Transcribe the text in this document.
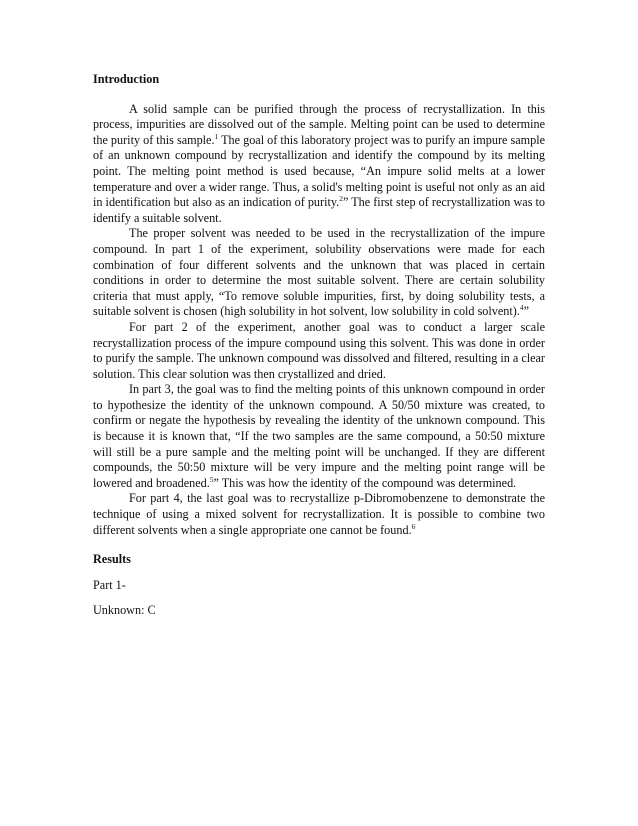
Introduction

A solid sample can be purified through the process of recrystallization. In this process, impurities are dissolved out of the sample. Melting point can be used to determine the purity of this sample.$^1$ The goal of this laboratory project was to purify an impure sample of an unknown compound by recrystallization and identify the compound by its melting point. The melting point method is used because, “An impure solid melts at a lower temperature and over a wider range. Thus, a solid's melting point is useful not only as an aid in identification but also as an indication of purity.$^2$” The first step of recrystallization was to identify a suitable solvent.

The proper solvent was needed to be used in the recrystallization of the impure compound. In part 1 of the experiment, solubility observations were made for each combination of four different solvents and the unknown that was placed in certain conditions in order to determine the most suitable solvent. There are certain solubility criteria that must apply, “To remove soluble impurities, first, by doing solubility tests, a suitable solvent is chosen (high solubility in hot solvent, low solubility in cold solvent).$^4$”

For part 2 of the experiment, another goal was to conduct a larger scale recrystallization process of the impure compound using this solvent. This was done in order to purify the sample. The unknown compound was dissolved and filtered, resulting in a clear solution. This clear solution was then crystallized and dried.

In part 3, the goal was to find the melting points of this unknown compound in order to hypothesize the identity of the unknown compound. A 50/50 mixture was created, to confirm or negate the hypothesis by revealing the identity of the unknown compound. This is because it is known that, “If the two samples are the same compound, a 50:50 mixture will still be a pure sample and the melting point will be unchanged. If they are different compounds, the 50:50 mixture will be very impure and the melting point range will be lowered and broadened.$^5$” This was how the identity of the compound was determined.

For part 4, the last goal was to recrystallize p-Dibromobenzene to demonstrate the technique of using a mixed solvent for recrystallization. It is possible to combine two different solvents when a single appropriate one cannot be found.$^6$

Results

Part 1-

Unknown: C
